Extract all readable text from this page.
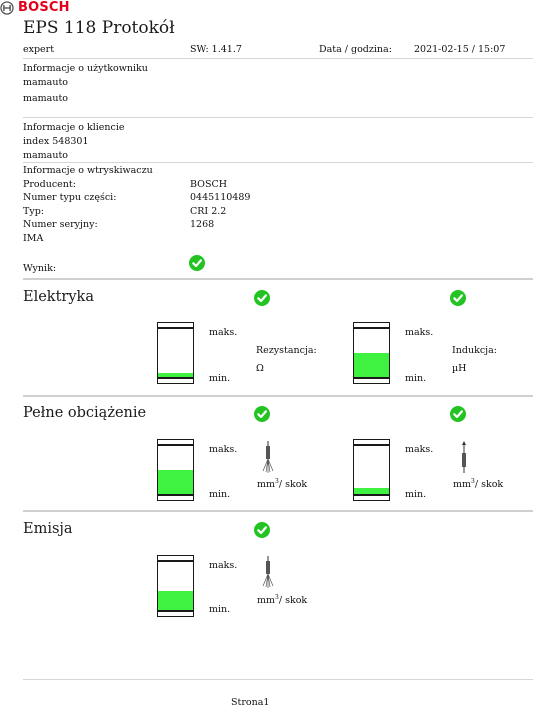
EPS 118 Protokół
BOSCH
expert	SW: 1.41.7	Data / godzina: 2021-02-15 / 15:07
Informacje o użytkowniku
mamauto
mamauto
Informacje o kliencie
index 548301
mamauto
Informacje o wtryskiwaczu
Producent:	BOSCH
Numer typu części:	0445110489
Typ:	CRI 2.2
Numer seryjny:	1268
IMA
Wynik:
Elektryka
maks.
min.
Rezystancja:
Ω
maks.
min.
Indukcja:
µH
Pełne obciążenie
maks.
min.
$mm^3/$ skok
maks.
min.
$mm^3/$ skok
Emisja
maks.
min.
$mm^3/$ skok
Strona1
